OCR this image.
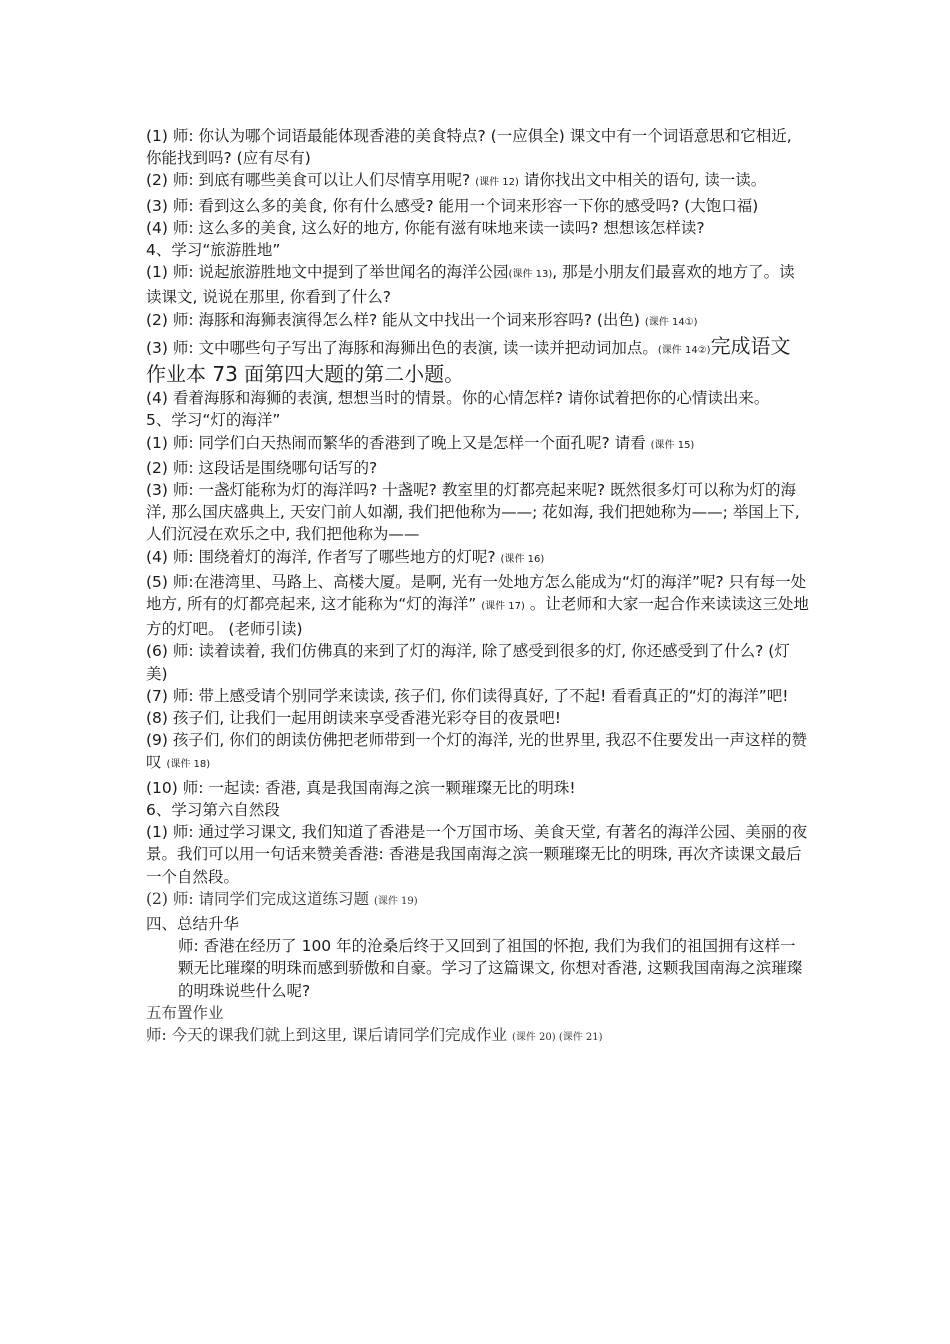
(1) 师: 你认为哪个词语最能体现香港的美食特点? (一应俱全) 课文中有一个词语意思和它相近, 你能找到吗? (应有尽有)

(2) 师: 到底有哪些美食可以让人们尽情享用呢? (课件 12) 请你找出文中相关的语句, 读一读。

(3) 师: 看到这么多的美食, 你有什么感受? 能用一个词来形容一下你的感受吗? (大饱口福)

(4) 师: 这么多的美食, 这么好的地方, 你能有滋有味地来读一读吗? 想想该怎样读?

4、学习“旅游胜地”

(1) 师: 说起旅游胜地文中提到了举世闻名的海洋公园(课件 13), 那是小朋友们最喜欢的地方了。读读课文, 说说在那里, 你看到了什么?

(2) 师: 海豚和海狮表演得怎么样? 能从文中找出一个词来形容吗? (出色) (课件 14①)

(3) 师: 文中哪些句子写出了海豚和海狮出色的表演, 读一读并把动词加点。(课件 14②)完成语文作业本 73 面第四大题的第二小题。

(4) 看着海豚和海狮的表演, 想想当时的情景。你的心情怎样? 请你试着把你的心情读出来。

5、学习“灯的海洋”

(1) 师: 同学们白天热闹而繁华的香港到了晚上又是怎样一个面孔呢? 请看 (课件 15)

(2) 师: 这段话是围绕哪句话写的?

(3) 师: 一盏灯能称为灯的海洋吗? 十盏呢? 教室里的灯都亮起来呢? 既然很多灯可以称为灯的海洋, 那么国庆盛典上, 天安门前人如潮, 我们把他称为——; 花如海, 我们把她称为——; 举国上下, 人们沉浸在欢乐之中, 我们把他称为——

(4) 师: 围绕着灯的海洋, 作者写了哪些地方的灯呢? (课件 16)

(5) 师:在港湾里、马路上、高楼大厦。是啊, 光有一处地方怎么能成为“灯的海洋”呢? 只有每一处地方, 所有的灯都亮起来, 这才能称为“灯的海洋” (课件 17) 。让老师和大家一起合作来读读这三处地方的灯吧。 (老师引读)

(6) 师: 读着读着, 我们仿佛真的来到了灯的海洋, 除了感受到很多的灯, 你还感受到了什么? (灯美)

(7) 师: 带上感受请个别同学来读读, 孩子们, 你们读得真好, 了不起! 看看真正的“灯的海洋”吧!

(8) 孩子们, 让我们一起用朗读来享受香港光彩夺目的夜景吧!

(9) 孩子们, 你们的朗读仿佛把老师带到一个灯的海洋, 光的世界里, 我忍不住要发出一声这样的赞叹 (课件 18)

(10) 师: 一起读: 香港, 真是我国南海之滨一颗璀璨无比的明珠!

6、学习第六自然段

(1) 师: 通过学习课文, 我们知道了香港是一个万国市场、美食天堂, 有著名的海洋公园、美丽的夜景。我们可以用一句话来赞美香港: 香港是我国南海之滨一颗璀璨无比的明珠, 再次齐读课文最后一个自然段。

(2) 师: 请同学们完成这道练习题 (课件 19)

四、总结升华

师: 香港在经历了 100 年的沧桑后终于又回到了祖国的怀抱, 我们为我们的祖国拥有这样一颗无比璀璨的明珠而感到骄傲和自豪。学习了这篇课文, 你想对香港, 这颗我国南海之滨璀璨的明珠说些什么呢?

五布置作业

师: 今天的课我们就上到这里, 课后请同学们完成作业 (课件 20) (课件 21)
